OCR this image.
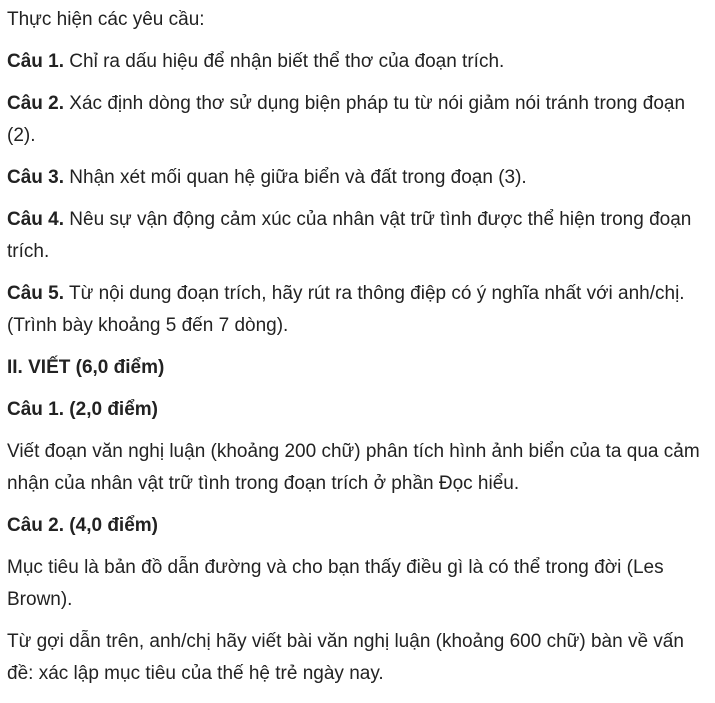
Thực hiện các yêu cầu:

Câu 1. Chỉ ra dấu hiệu để nhận biết thể thơ của đoạn trích.

Câu 2. Xác định dòng thơ sử dụng biện pháp tu từ nói giảm nói tránh trong đoạn (2).

Câu 3. Nhận xét mối quan hệ giữa biển và đất trong đoạn (3).

Câu 4. Nêu sự vận động cảm xúc của nhân vật trữ tình được thể hiện trong đoạn trích.

Câu 5. Từ nội dung đoạn trích, hãy rút ra thông điệp có ý nghĩa nhất với anh/chị. (Trình bày khoảng 5 đến 7 dòng).

II. VIẾT (6,0 điểm)

Câu 1. (2,0 điểm)

Viết đoạn văn nghị luận (khoảng 200 chữ) phân tích hình ảnh biển của ta qua cảm nhận của nhân vật trữ tình trong đoạn trích ở phần Đọc hiểu.

Câu 2. (4,0 điểm)

Mục tiêu là bản đồ dẫn đường và cho bạn thấy điều gì là có thể trong đời (Les Brown).

Từ gợi dẫn trên, anh/chị hãy viết bài văn nghị luận (khoảng 600 chữ) bàn về vấn đề: xác lập mục tiêu của thế hệ trẻ ngày nay.
